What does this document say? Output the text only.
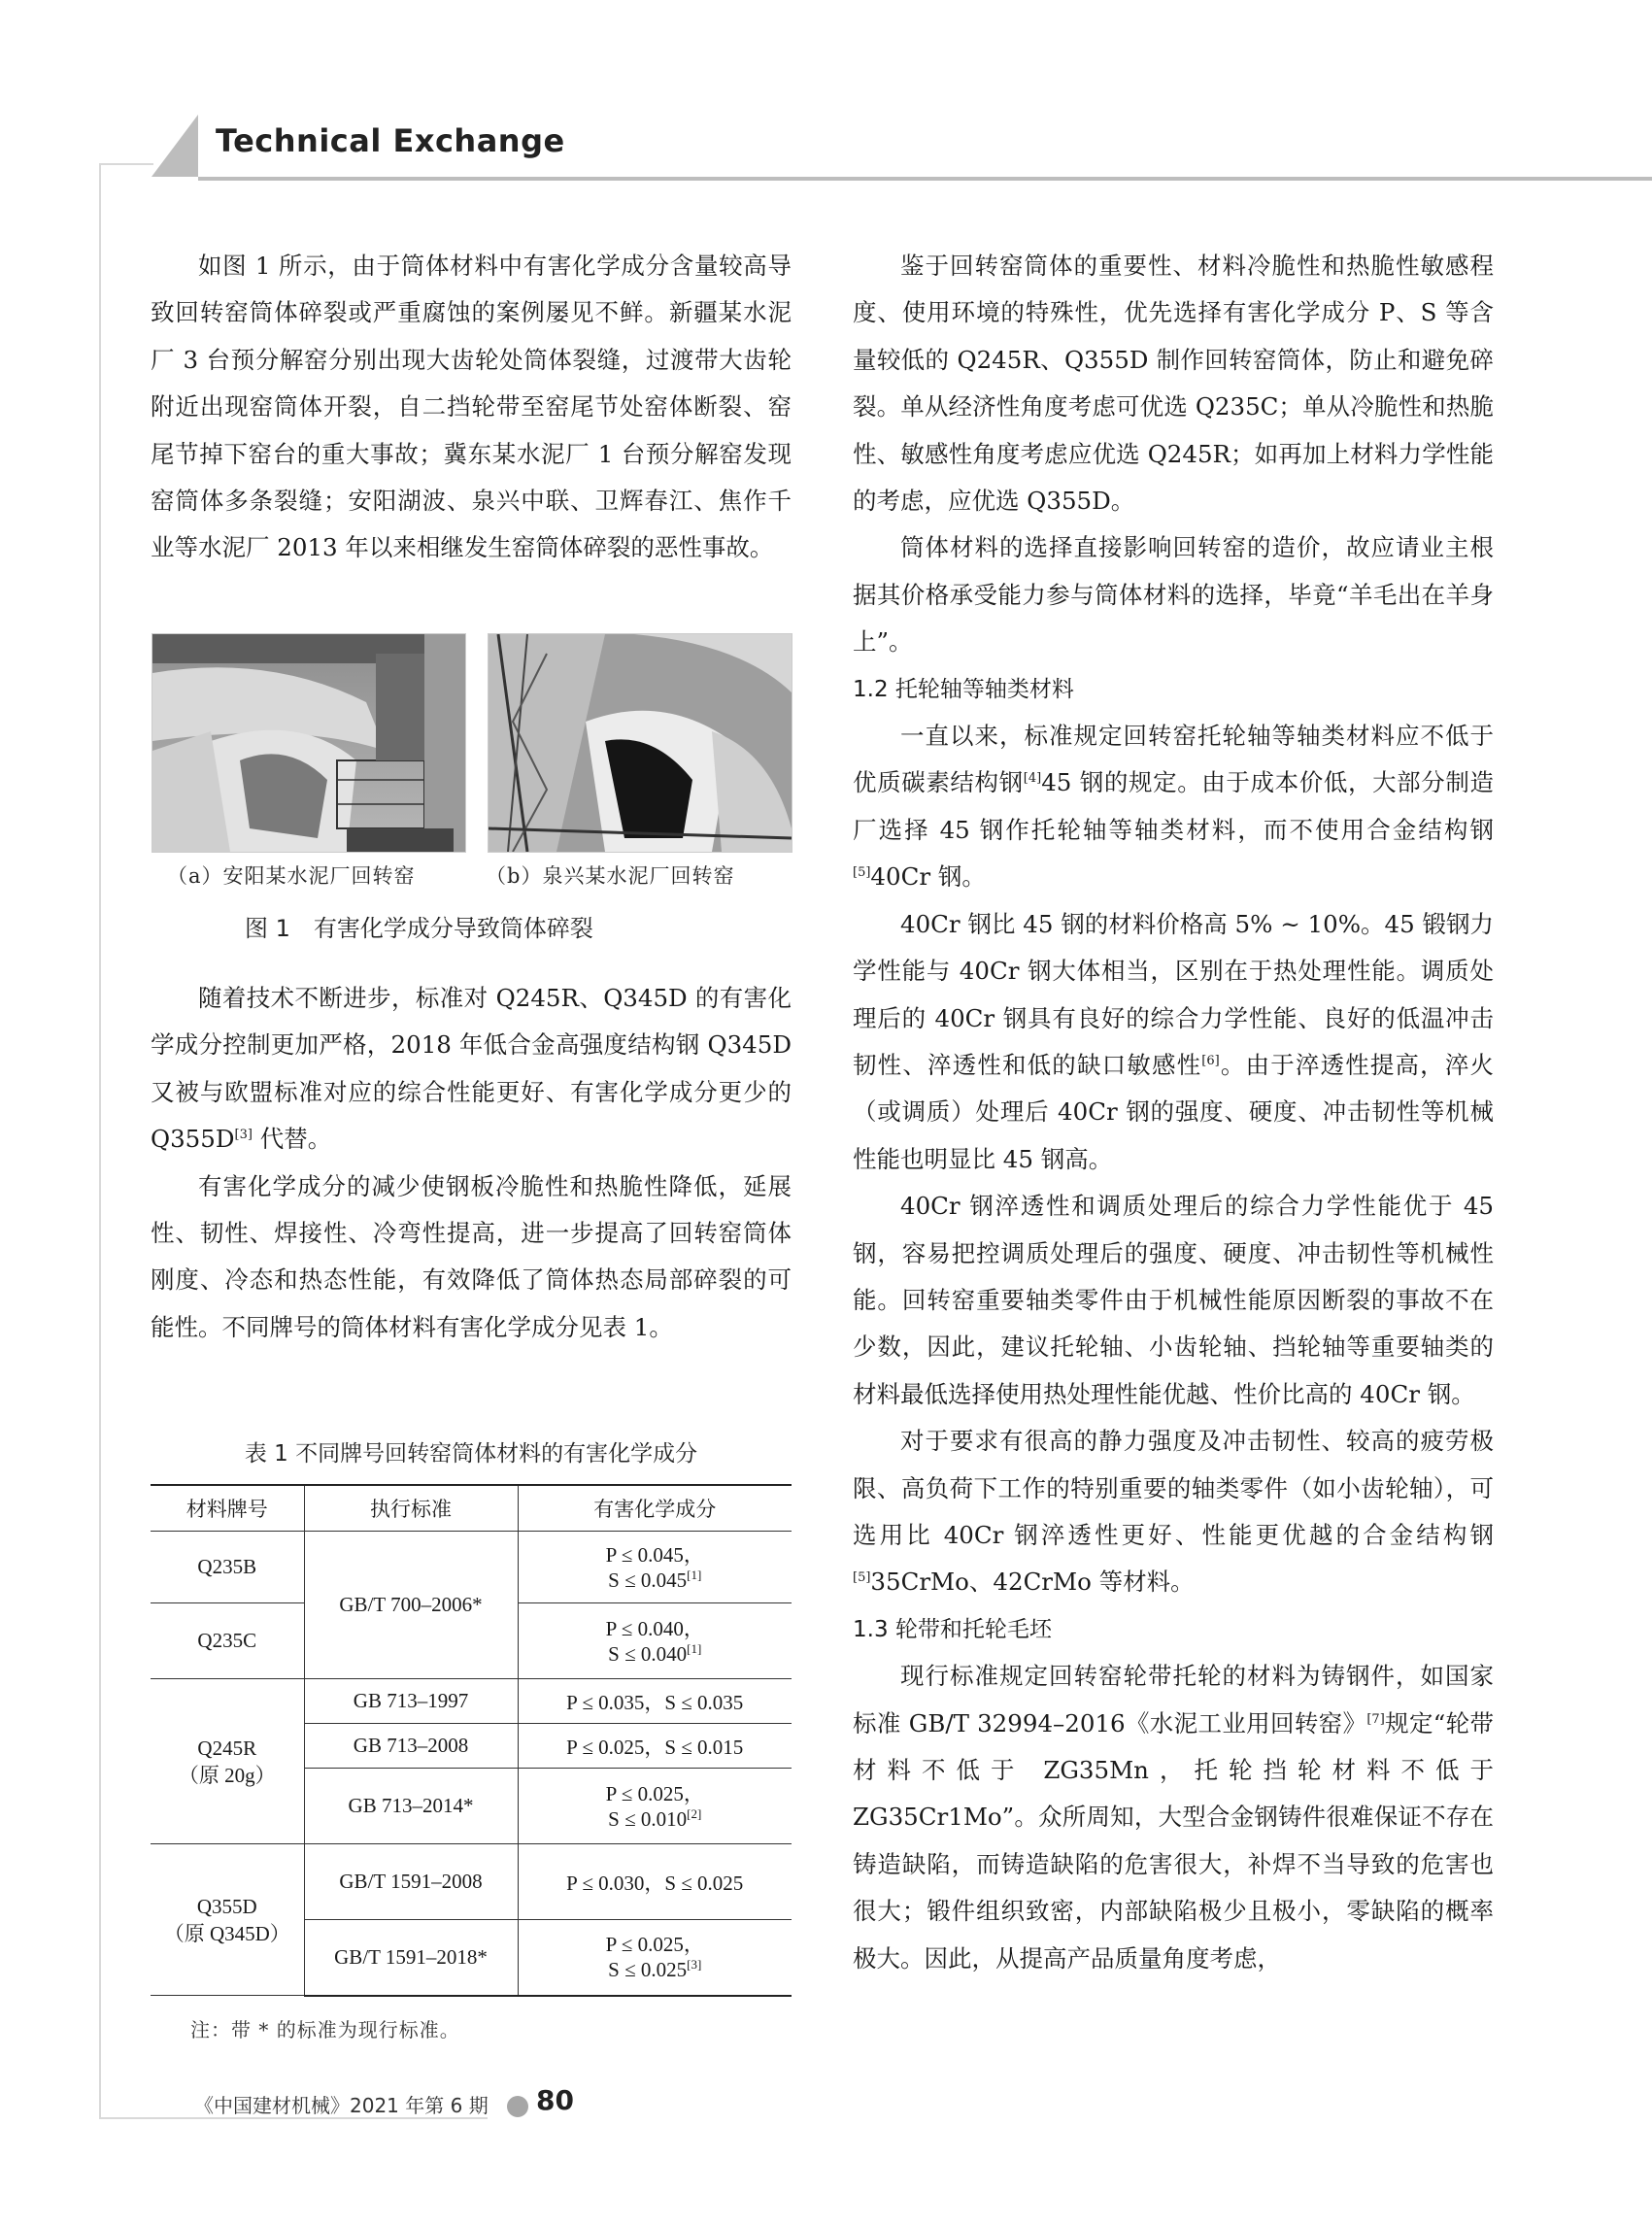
Technical Exchange

如图 1 所示，由于筒体材料中有害化学成分含量较高导致回转窑筒体碎裂或严重腐蚀的案例屡见不鲜。新疆某水泥厂 3 台预分解窑分别出现大齿轮处筒体裂缝，过渡带大齿轮附近出现窑筒体开裂，自二挡轮带至窑尾节处窑体断裂、窑尾节掉下窑台的重大事故；冀东某水泥厂 1 台预分解窑发现窑筒体多条裂缝；安阳湖波、泉兴中联、卫辉春江、焦作千业等水泥厂 2013 年以来相继发生窑筒体碎裂的恶性事故。

（a）安阳某水泥厂回转窑	（b）泉兴某水泥厂回转窑
图 1　有害化学成分导致筒体碎裂

随着技术不断进步，标准对 Q245R、Q345D 的有害化学成分控制更加严格，2018 年低合金高强度结构钢 Q345D 又被与欧盟标准对应的综合性能更好、有害化学成分更少的 Q355D[3] 代替。

有害化学成分的减少使钢板冷脆性和热脆性降低，延展性、韧性、焊接性、冷弯性提高，进一步提高了回转窑筒体刚度、冷态和热态性能，有效降低了筒体热态局部碎裂的可能性。不同牌号的筒体材料有害化学成分见表 1。

表 1 不同牌号回转窑筒体材料的有害化学成分
材料牌号	执行标准	有害化学成分
Q235B	GB/T 700–2006*	P ≤ 0.045，
S ≤ 0.045[1]
Q235C		P ≤ 0.040，
S ≤ 0.040[1]
Q245R
（原 20g）	GB 713–1997	P ≤ 0.035，S ≤ 0.035
	GB 713–2008	P ≤ 0.025，S ≤ 0.015
	GB 713–2014*	P ≤ 0.025，
S ≤ 0.010[2]
Q355D
（原 Q345D）	GB/T 1591–2008	P ≤ 0.030，S ≤ 0.025
	GB/T 1591–2018*	P ≤ 0.025，
S ≤ 0.025[3]
注：带 * 的标准为现行标准。

鉴于回转窑筒体的重要性、材料冷脆性和热脆性敏感程度、使用环境的特殊性，优先选择有害化学成分 P、S 等含量较低的 Q245R、Q355D 制作回转窑筒体，防止和避免碎裂。单从经济性角度考虑可优选 Q235C；单从冷脆性和热脆性、敏感性角度考虑应优选 Q245R；如再加上材料力学性能的考虑，应优选 Q355D。

筒体材料的选择直接影响回转窑的造价，故应请业主根据其价格承受能力参与筒体材料的选择，毕竟“羊毛出在羊身上”。

1.2 托轮轴等轴类材料

一直以来，标准规定回转窑托轮轴等轴类材料应不低于优质碳素结构钢[4]45 钢的规定。由于成本价低，大部分制造厂选择 45 钢作托轮轴等轴类材料，而不使用合金结构钢[5]40Cr 钢。

40Cr 钢比 45 钢的材料价格高 5% ~ 10%。45 锻钢力学性能与 40Cr 钢大体相当，区别在于热处理性能。调质处理后的 40Cr 钢具有良好的综合力学性能、良好的低温冲击韧性、淬透性和低的缺口敏感性[6]。由于淬透性提高，淬火（或调质）处理后 40Cr 钢的强度、硬度、冲击韧性等机械性能也明显比 45 钢高。

40Cr 钢淬透性和调质处理后的综合力学性能优于 45 钢，容易把控调质处理后的强度、硬度、冲击韧性等机械性能。回转窑重要轴类零件由于机械性能原因断裂的事故不在少数，因此，建议托轮轴、小齿轮轴、挡轮轴等重要轴类的材料最低选择使用热处理性能优越、性价比高的 40Cr 钢。

对于要求有很高的静力强度及冲击韧性、较高的疲劳极限、高负荷下工作的特别重要的轴类零件（如小齿轮轴），可选用比 40Cr 钢淬透性更好、性能更优越的合金结构钢[5]35CrMo、42CrMo 等材料。

1.3 轮带和托轮毛坯

现行标准规定回转窑轮带托轮的材料为铸钢件，如国家标准 GB/T 32994–2016《水泥工业用回转窑》[7]规定“轮带材料不低于 ZG35Mn，托轮挡轮材料不低于 ZG35Cr1Mo”。众所周知，大型合金钢铸件很难保证不存在铸造缺陷，而铸造缺陷的危害很大，补焊不当导致的危害也很大；锻件组织致密，内部缺陷极少且极小，零缺陷的概率极大。因此，从提高产品质量角度考虑，

《中国建材机械》2021 年第 6 期 80
